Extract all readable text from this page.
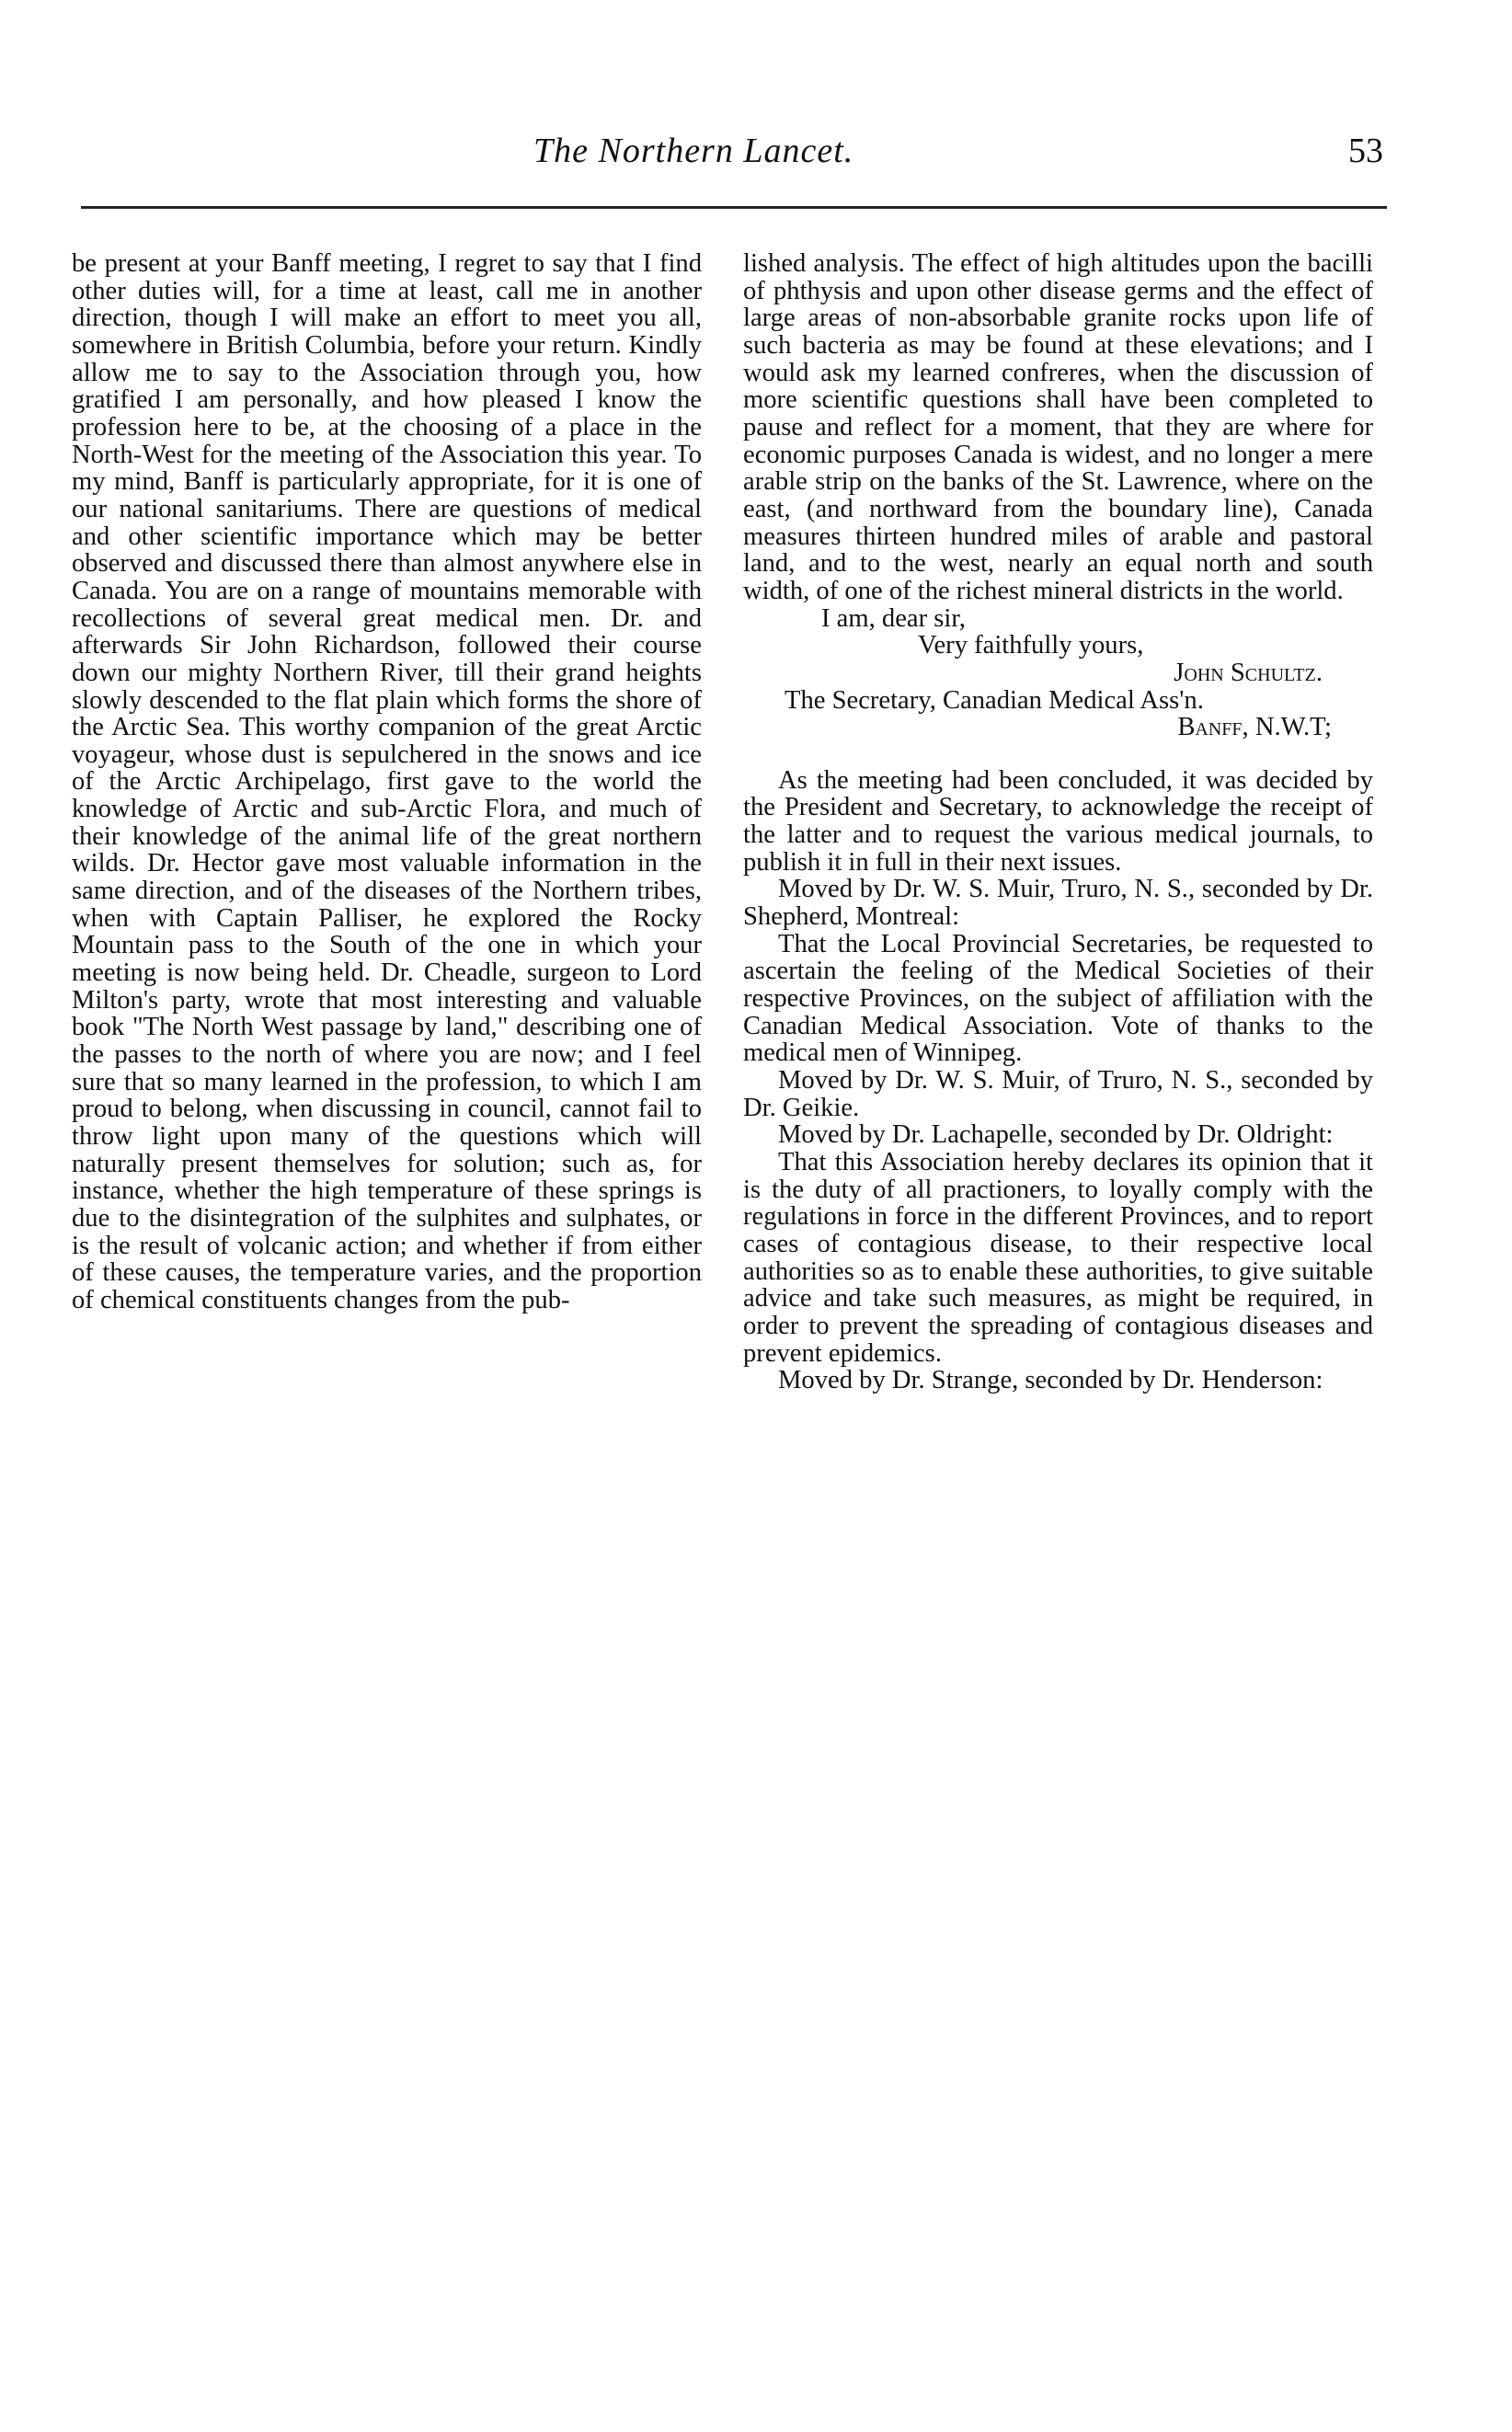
The Northern Lancet.	53

be present at your Banff meeting, I regret to say that I find other duties will, for a time at least, call me in another direction, though I will make an effort to meet you all, somewhere in British Columbia, before your return. Kindly allow me to say to the Association through you, how gratified I am personally, and how pleased I know the profession here to be, at the choosing of a place in the North-West for the meeting of the Association this year. To my mind, Banff is particularly appropriate, for it is one of our national sanitariums. There are questions of medical and other scientific importance which may be better observed and discussed there than almost anywhere else in Canada. You are on a range of mountains memorable with recollections of several great medical men. Dr. and afterwards Sir John Richardson, followed their course down our mighty Northern River, till their grand heights slowly descended to the flat plain which forms the shore of the Arctic Sea. This worthy companion of the great Arctic voyageur, whose dust is sepulchered in the snows and ice of the Arctic Archipelago, first gave to the world the knowledge of Arctic and sub-Arctic Flora, and much of their knowledge of the animal life of the great northern wilds. Dr. Hector gave most valuable information in the same direction, and of the diseases of the Northern tribes, when with Captain Palliser, he explored the Rocky Mountain pass to the South of the one in which your meeting is now being held. Dr. Cheadle, surgeon to Lord Milton's party, wrote that most interesting and valuable book "The North West passage by land," describing one of the passes to the north of where you are now; and I feel sure that so many learned in the profession, to which I am proud to belong, when discussing in council, cannot fail to throw light upon many of the questions which will naturally present themselves for solution; such as, for instance, whether the high temperature of these springs is due to the disintegration of the sulphites and sulphates, or is the result of volcanic action; and whether if from either of these causes, the temperature varies, and the proportion of chemical constituents changes from the pub-

lished analysis. The effect of high altitudes upon the bacilli of phthysis and upon other disease germs and the effect of large areas of non-absorbable granite rocks upon life of such bacteria as may be found at these elevations; and I would ask my learned confreres, when the discussion of more scientific questions shall have been completed to pause and reflect for a moment, that they are where for economic purposes Canada is widest, and no longer a mere arable strip on the banks of the St. Lawrence, where on the east, (and northward from the boundary line), Canada measures thirteen hundred miles of arable and pastoral land, and to the west, nearly an equal north and south width, of one of the richest mineral districts in the world.

I am, dear sir,

Very faithfully yours,

John Schultz.

The Secretary, Canadian Medical Ass'n.

Banff, N.W.T;

As the meeting had been concluded, it was decided by the President and Secretary, to acknowledge the receipt of the latter and to request the various medical journals, to publish it in full in their next issues.

Moved by Dr. W. S. Muir, Truro, N. S., seconded by Dr. Shepherd, Montreal:

That the Local Provincial Secretaries, be requested to ascertain the feeling of the Medical Societies of their respective Provinces, on the subject of affiliation with the Canadian Medical Association. Vote of thanks to the medical men of Winnipeg.

Moved by Dr. W. S. Muir, of Truro, N. S., seconded by Dr. Geikie.

Moved by Dr. Lachapelle, seconded by Dr. Oldright:

That this Association hereby declares its opinion that it is the duty of all practioners, to loyally comply with the regulations in force in the different Provinces, and to report cases of contagious disease, to their respective local authorities so as to enable these authorities, to give suitable advice and take such measures, as might be required, in order to prevent the spreading of contagious diseases and prevent epidemics.

Moved by Dr. Strange, seconded by Dr. Henderson:
